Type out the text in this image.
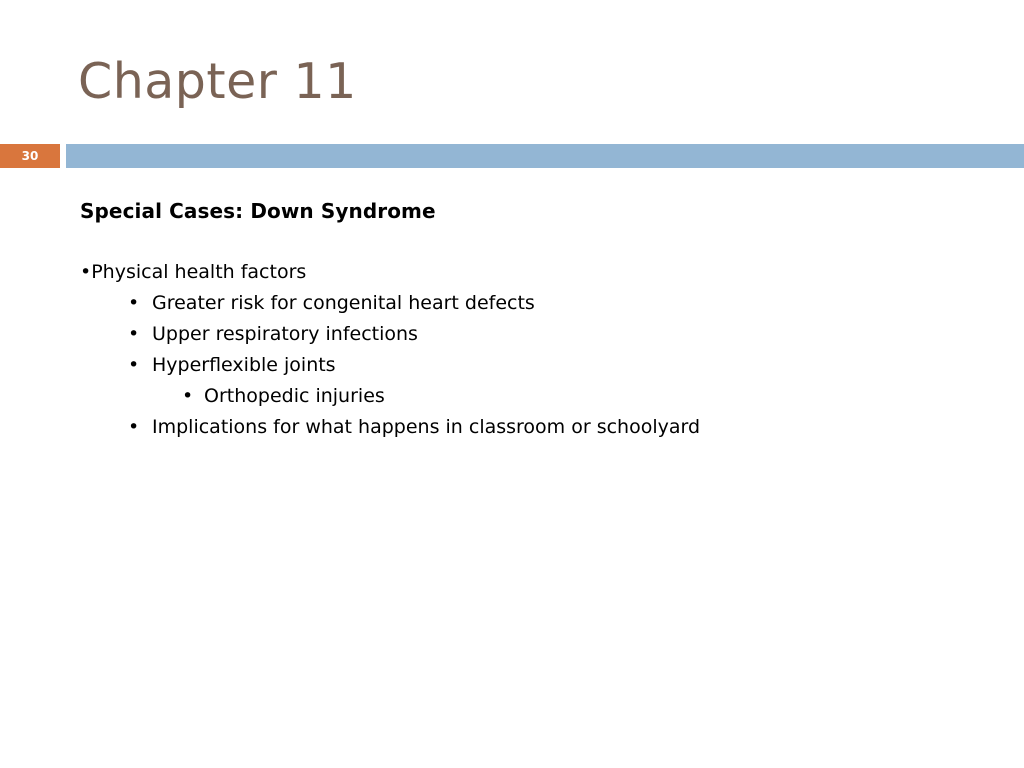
Chapter 11
30
Special Cases: Down Syndrome
•Physical health factors
• Greater risk for congenital heart defects
• Upper respiratory infections
• Hyperflexible joints
• Orthopedic injuries
• Implications for what happens in classroom or schoolyard
